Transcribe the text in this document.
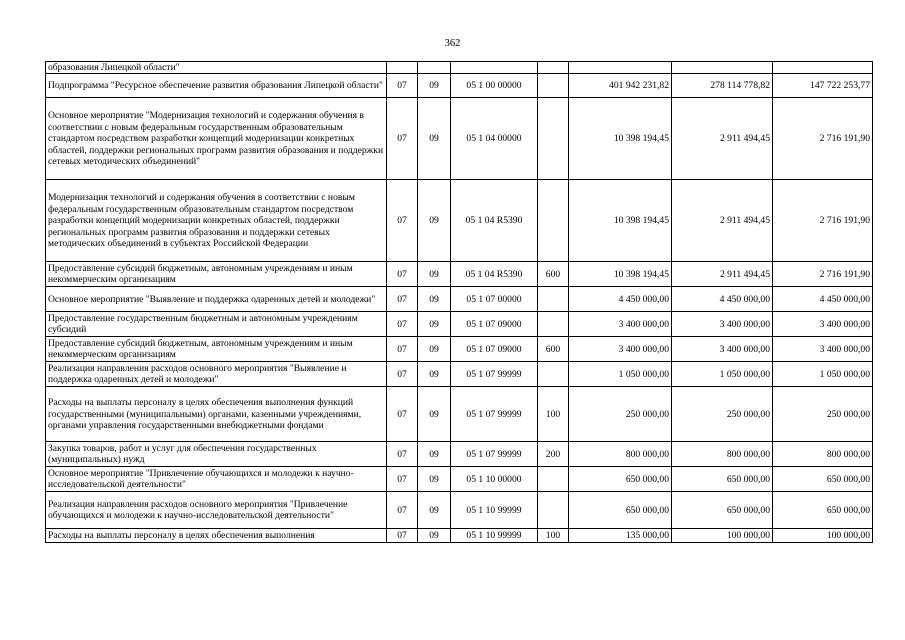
362
образования Липецкой области"							
Подпрограмма "Ресурсное обеспечение развития образования Липецкой области"	07	09	05 1 00 00000		401 942 231,82	278 114 778,82	147 722 253,77
Основное мероприятие "Модернизация технологий и содержания обучения в соответствии с новым федеральным государственным образовательным стандартом посредством разработки концепций модернизации конкретных областей, поддержки региональных программ развития образования и поддержки сетевых методических объединений"	07	09	05 1 04 00000		10 398 194,45	2 911 494,45	2 716 191,90
Модернизация технологий и содержания обучения в соответствии с новым федеральным государственным образовательным стандартом посредством разработки концепций модернизации конкретных областей, поддержки региональных программ развития образования и поддержки сетевых методических объединений в субъектах Российской Федерации	07	09	05 1 04 R5390		10 398 194,45	2 911 494,45	2 716 191,90
Предоставление субсидий бюджетным, автономным учреждениям и иным некоммерческим организациям	07	09	05 1 04 R5390	600	10 398 194,45	2 911 494,45	2 716 191,90
Основное мероприятие "Выявление и поддержка одаренных детей и молодежи"	07	09	05 1 07 00000		4 450 000,00	4 450 000,00	4 450 000,00
Предоставление государственным бюджетным и автономным учреждениям субсидий	07	09	05 1 07 09000		3 400 000,00	3 400 000,00	3 400 000,00
Предоставление субсидий бюджетным, автономным учреждениям и иным некоммерческим организациям	07	09	05 1 07 09000	600	3 400 000,00	3 400 000,00	3 400 000,00
Реализация направления расходов основного мероприятия "Выявление и поддержка одаренных детей и молодежи"	07	09	05 1 07 99999		1 050 000,00	1 050 000,00	1 050 000,00
Расходы на выплаты персоналу в целях обеспечения выполнения функций государственными (муниципальными) органами, казенными учреждениями, органами управления государственными внебюджетными фондами	07	09	05 1 07 99999	100	250 000,00	250 000,00	250 000,00
Закупка товаров, работ и услуг для обеспечения государственных (муниципальных) нужд	07	09	05 1 07 99999	200	800 000,00	800 000,00	800 000,00
Основное мероприятие "Привлечение обучающихся и молодежи к научно-исследовательской деятельности"	07	09	05 1 10 00000		650 000,00	650 000,00	650 000,00
Реализация направления расходов основного мероприятия "Привлечение обучающихся и молодежи к научно-исследовательской деятельности"	07	09	05 1 10 99999		650 000,00	650 000,00	650 000,00
Расходы на выплаты персоналу в целях обеспечения выполнения	07	09	05 1 10 99999	100	135 000,00	100 000,00	100 000,00
